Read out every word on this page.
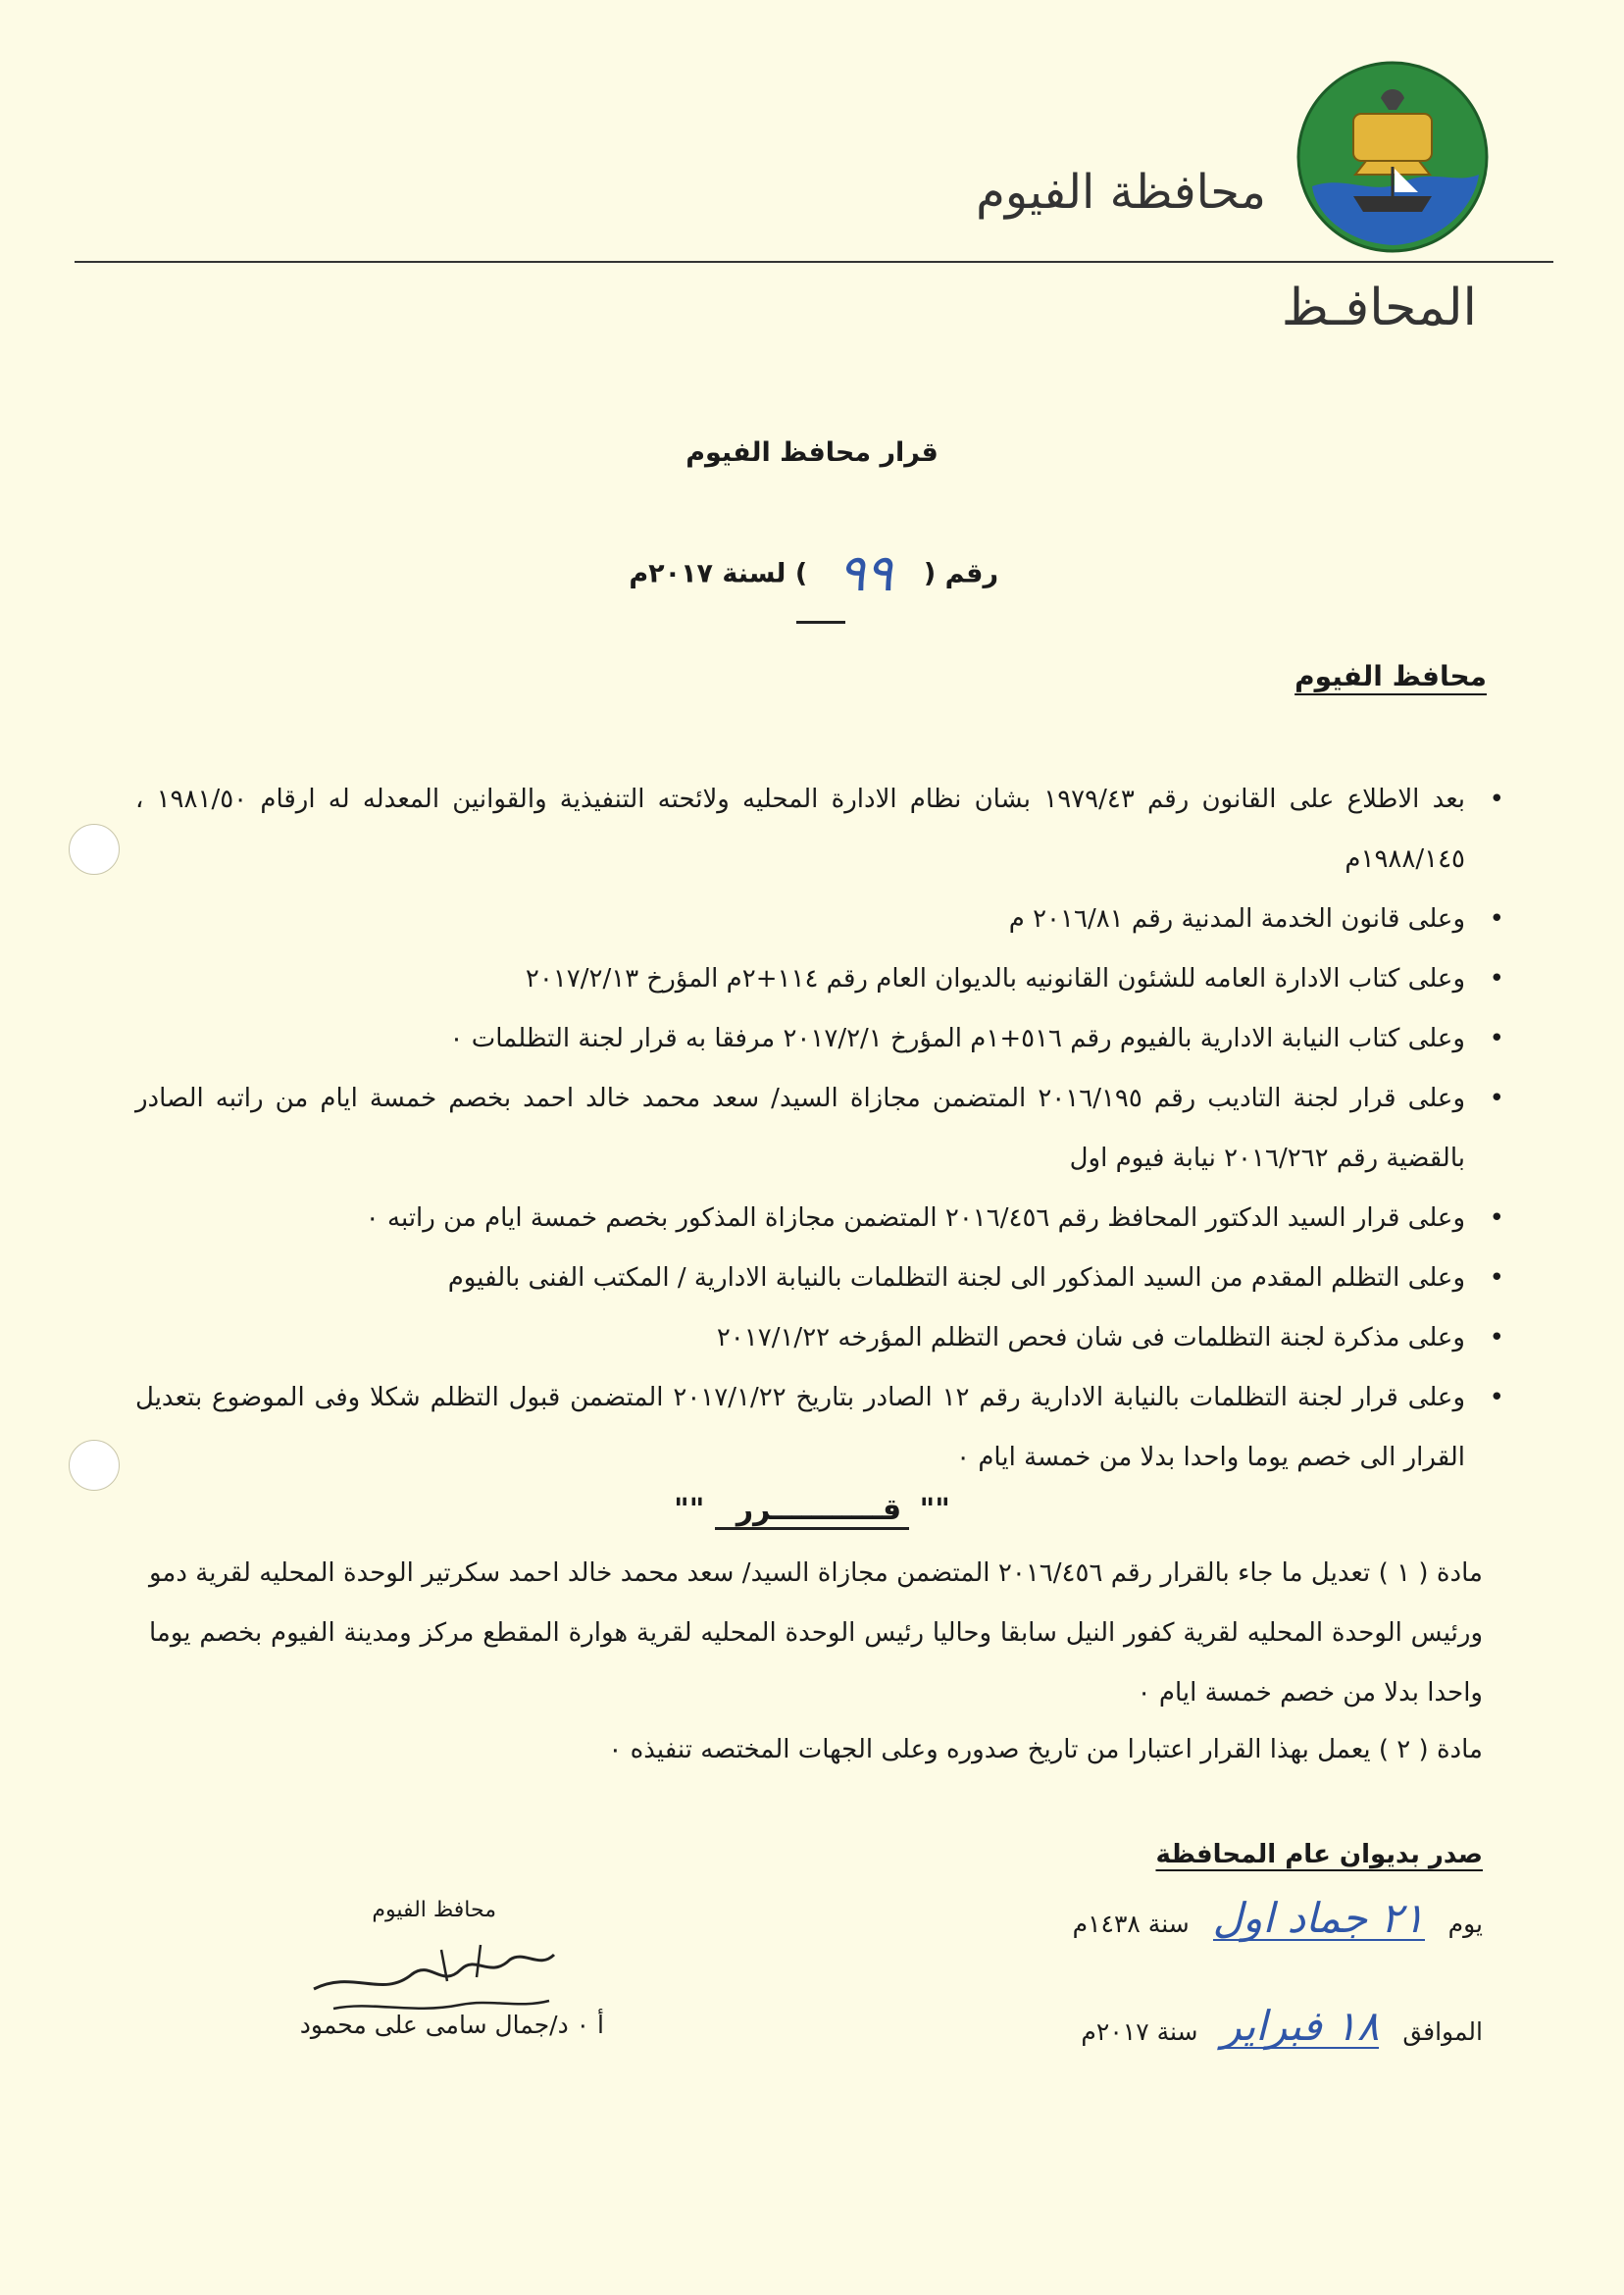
محافظة الفيوم
المحافـظ
قرار محافظ الفيوم
رقم ( ٩٩ ) لسنة ٢٠١٧م
محافظ الفيوم
• بعد الاطلاع على القانون رقم ١٩٧٩/٤٣ بشان نظام الادارة المحليه ولائحته التنفيذية والقوانين المعدله له ارقام ١٩٨١/٥٠ ، ١٩٨٨/١٤٥م
• وعلى قانون الخدمة المدنية رقم ٢٠١٦/٨١ م
• وعلى كتاب الادارة العامه للشئون القانونيه بالديوان العام رقم ١١٤+٢م المؤرخ ٢٠١٧/٢/١٣
• وعلى كتاب النيابة الادارية بالفيوم رقم ٥١٦+١م المؤرخ ٢٠١٧/٢/١ مرفقا به قرار لجنة التظلمات ٠
• وعلى قرار لجنة التاديب رقم ٢٠١٦/١٩٥ المتضمن مجازاة السيد/ سعد محمد خالد احمد بخصم خمسة ايام من راتبه الصادر بالقضية رقم ٢٠١٦/٢٦٢ نيابة فيوم اول
• وعلى قرار السيد الدكتور المحافظ رقم ٢٠١٦/٤٥٦ المتضمن مجازاة المذكور بخصم خمسة ايام من راتبه ٠
• وعلى التظلم المقدم من السيد المذكور الى لجنة التظلمات بالنيابة الادارية / المكتب الفنى بالفيوم
• وعلى مذكرة لجنة التظلمات فى شان فحص التظلم المؤرخه ٢٠١٧/١/٢٢
• وعلى قرار لجنة التظلمات بالنيابة الادارية رقم ١٢ الصادر بتاريخ ٢٠١٧/١/٢٢ المتضمن قبول التظلم شكلا وفى الموضوع بتعديل القرار الى خصم يوما واحدا بدلا من خمسة ايام ٠
"" قـــــــــــرر ""
مادة ( ١ ) تعديل ما جاء بالقرار رقم ٢٠١٦/٤٥٦ المتضمن مجازاة السيد/ سعد محمد خالد احمد سكرتير الوحدة المحليه لقرية دمو ورئيس الوحدة المحليه لقرية كفور النيل سابقا وحاليا رئيس الوحدة المحليه لقرية هوارة المقطع مركز ومدينة الفيوم بخصم يوما واحدا بدلا من خصم خمسة ايام ٠
مادة ( ٢ ) يعمل بهذا القرار اعتبارا من تاريخ صدوره وعلى الجهات المختصه تنفيذه ٠
صدر بديوان عام المحافظة
يوم ٢١ جماد اول سنة ١٤٣٨م
الموافق ١٨ فبراير سنة ٢٠١٧م
محافظ الفيوم
أ ٠ د/جمال سامى على محمود
